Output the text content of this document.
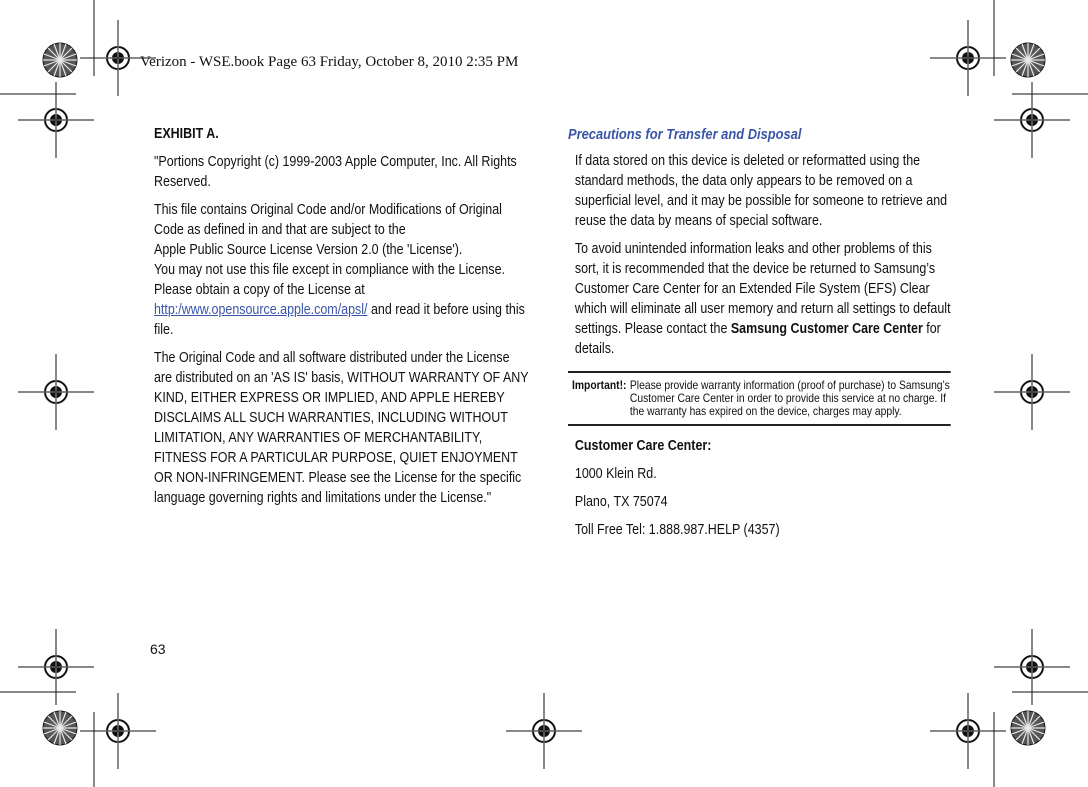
Verizon - WSE.book Page 63 Friday, October 8, 2010 2:35 PM

EXHIBIT A.

"Portions Copyright (c) 1999-2003 Apple Computer, Inc. All Rights Reserved.

This file contains Original Code and/or Modifications of Original Code as defined in and that are subject to the
Apple Public Source License Version 2.0 (the 'License').
You may not use this file except in compliance with the License. Please obtain a copy of the License at
http:/www.opensource.apple.com/apsl/ and read it before using this file.

The Original Code and all software distributed under the License are distributed on an 'AS IS' basis, WITHOUT WARRANTY OF ANY KIND, EITHER EXPRESS OR IMPLIED, AND APPLE HEREBY DISCLAIMS ALL SUCH WARRANTIES, INCLUDING WITHOUT LIMITATION, ANY WARRANTIES OF MERCHANTABILITY, FITNESS FOR A PARTICULAR PURPOSE, QUIET ENJOYMENT OR NON-INFRINGEMENT. Please see the License for the specific language governing rights and limitations under the License."

Precautions for Transfer and Disposal

If data stored on this device is deleted or reformatted using the standard methods, the data only appears to be removed on a superficial level, and it may be possible for someone to retrieve and reuse the data by means of special software.

To avoid unintended information leaks and other problems of this sort, it is recommended that the device be returned to Samsung’s Customer Care Center for an Extended File System (EFS) Clear which will eliminate all user memory and return all settings to default settings. Please contact the Samsung Customer Care Center for details.

Important!: Please provide warranty information (proof of purchase) to Samsung’s Customer Care Center in order to provide this service at no charge. If the warranty has expired on the device, charges may apply.

Customer Care Center:

1000 Klein Rd.

Plano, TX 75074

Toll Free Tel: 1.888.987.HELP (4357)

63
